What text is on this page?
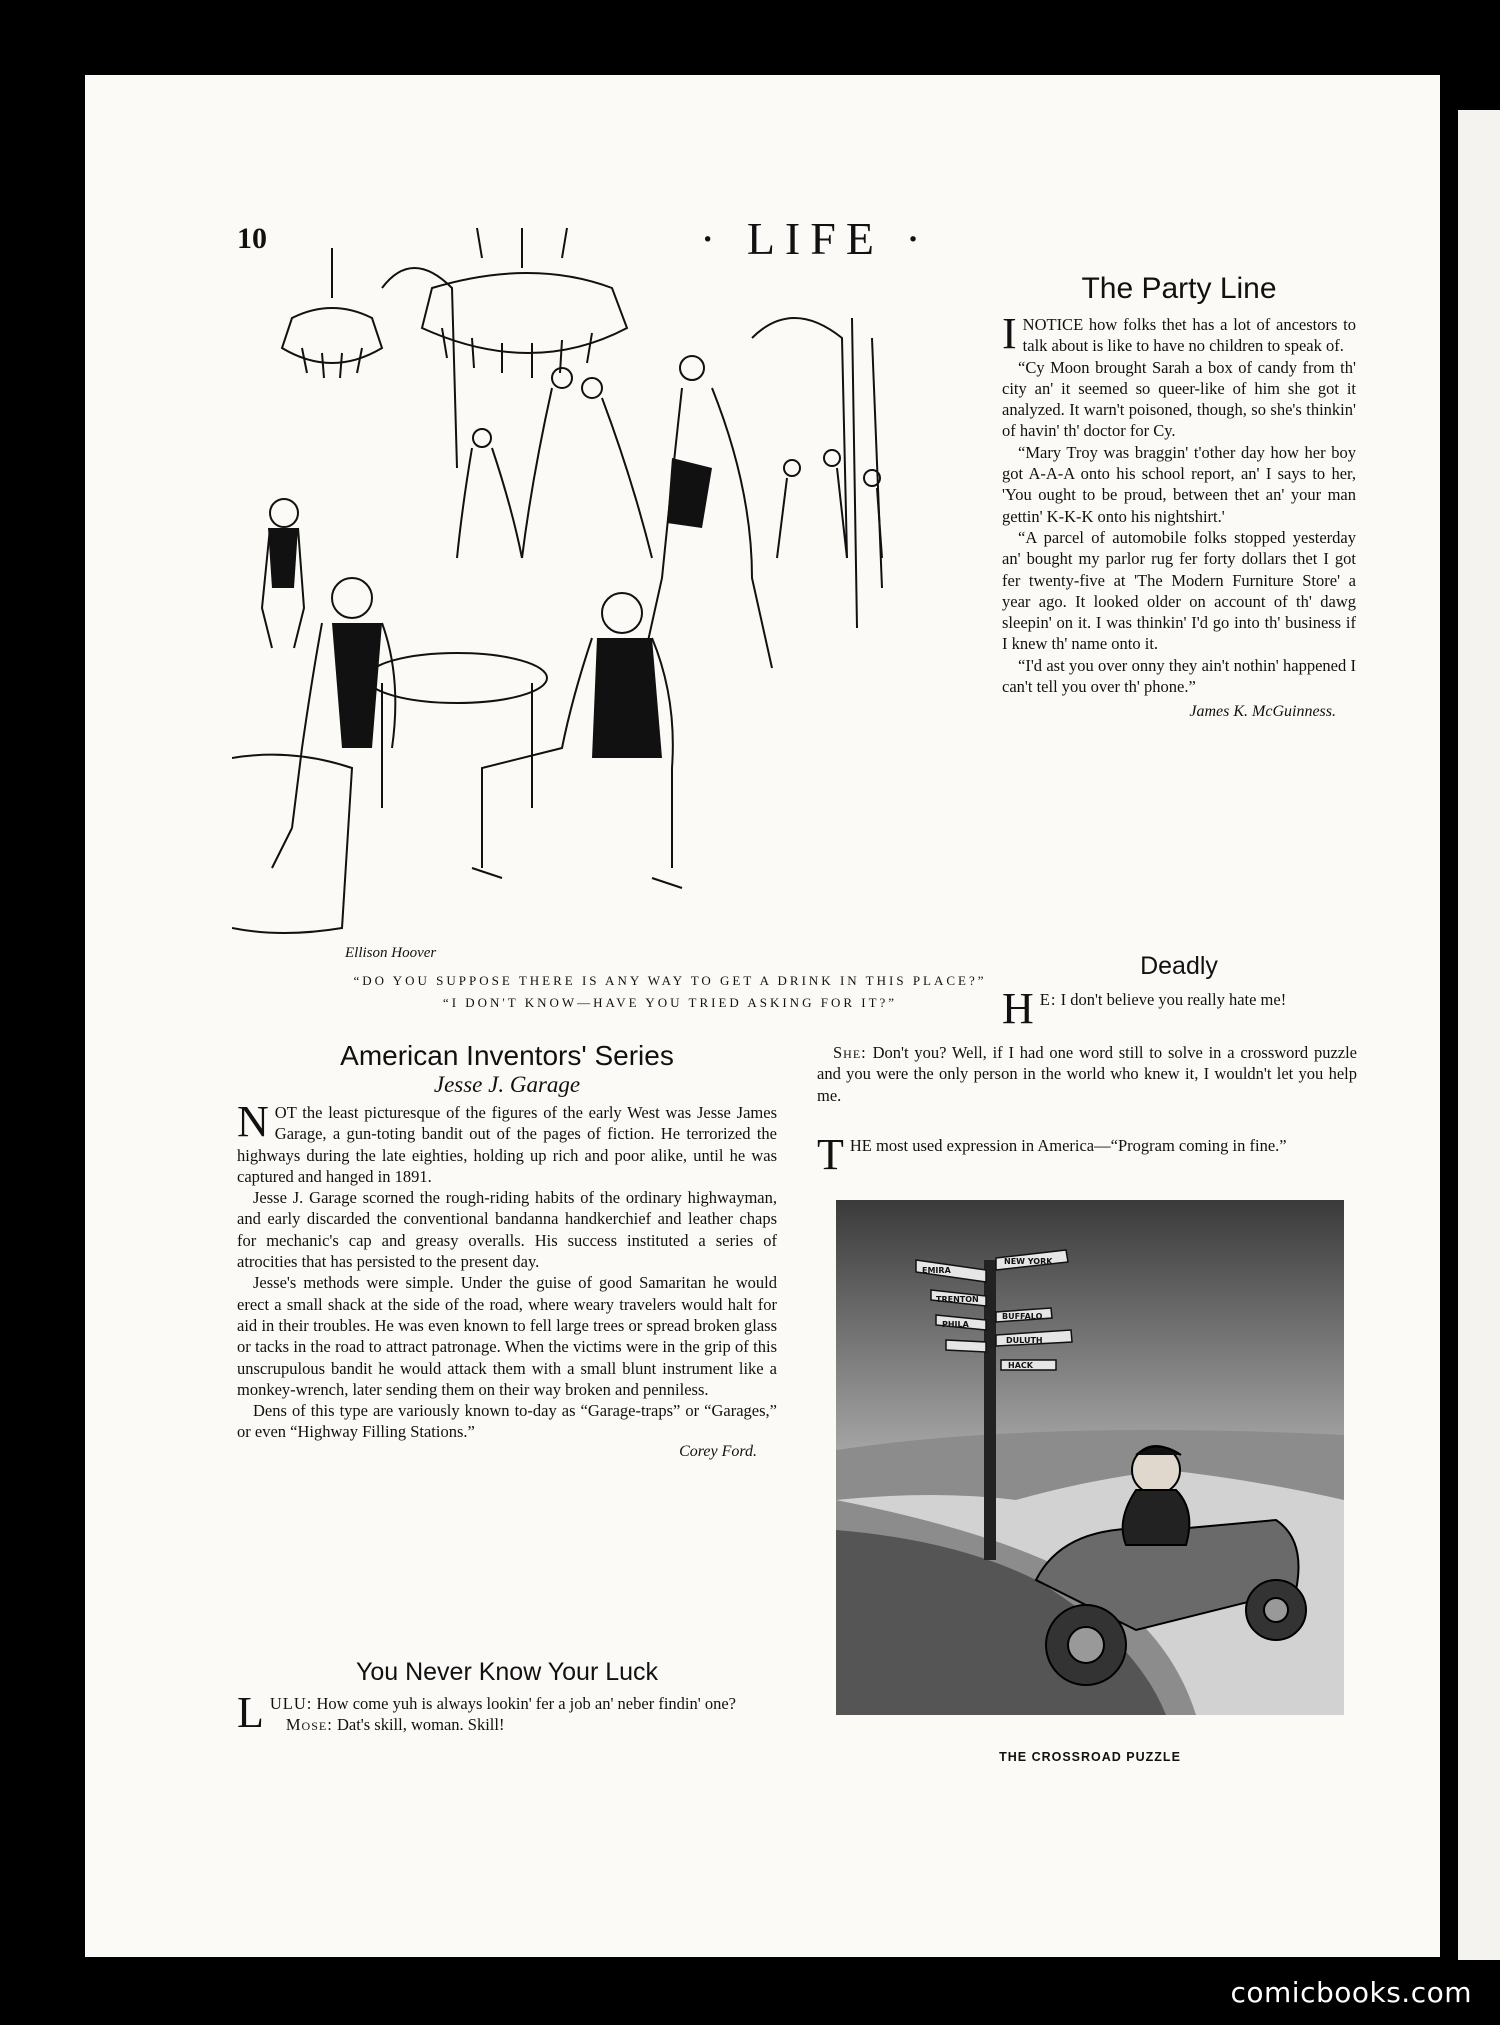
10	· LIFE ·
Ellison Hoover
“DO YOU SUPPOSE THERE IS ANY WAY TO GET A DRINK IN THIS PLACE?”
“I DON'T KNOW—HAVE YOU TRIED ASKING FOR IT?”
The Party Line

INOTICE how folks thet has a lot of ancestors to talk about is like to have no children to speak of.

“Cy Moon brought Sarah a box of candy from th' city an' it seemed so queer-like of him she got it analyzed. It warn't poisoned, though, so she's thinkin' of havin' th' doctor for Cy.

“Mary Troy was braggin' t'other day how her boy got A-A-A onto his school report, an' I says to her, 'You ought to be proud, between thet an' your man gettin' K-K-K onto his nightshirt.'

“A parcel of automobile folks stopped yesterday an' bought my parlor rug fer forty dollars thet I got fer twenty-five at 'The Modern Furniture Store' a year ago. It looked older on account of th' dawg sleepin' on it. I was thinkin' I'd go into th' business if I knew th' name onto it.

“I'd ast you over onny they ain't nothin' happened I can't tell you over th' phone.”

James K. McGuinness.
Deadly

H E: I don't believe you really hate me!

She: Don't you? Well, if I had one word still to solve in a crossword puzzle and you were the only person in the world who knew it, I wouldn't let you help me.

THE most used expression in America—“Program coming in fine.”

EMIRA
NEW YORK
TRENTON
PHILA
BUFFALO
DULUTH
HACK
THE CROSSROAD PUZZLE
American Inventors' Series
Jesse J. Garage

NOT the least picturesque of the figures of the early West was Jesse James Garage, a gun-toting bandit out of the pages of fiction. He terrorized the highways during the late eighties, holding up rich and poor alike, until he was captured and hanged in 1891.

Jesse J. Garage scorned the rough-riding habits of the ordinary highwayman, and early discarded the conventional bandanna handkerchief and leather chaps for mechanic's cap and greasy overalls. His success instituted a series of atrocities that has persisted to the present day.

Jesse's methods were simple. Under the guise of good Samaritan he would erect a small shack at the side of the road, where weary travelers would halt for aid in their troubles. He was even known to fell large trees or spread broken glass or tacks in the road to attract patronage. When the victims were in the grip of this unscrupulous bandit he would attack them with a small blunt instrument like a monkey-wrench, later sending them on their way broken and penniless.

Dens of this type are variously known to-day as “Garage-traps” or “Garages,” or even “Highway Filling Stations.”

Corey Ford.
You Never Know Your Luck

LULU: How come yuh is always lookin' fer a job an' neber findin' one?

Mose: Dat's skill, woman. Skill!

comicbooks.com
